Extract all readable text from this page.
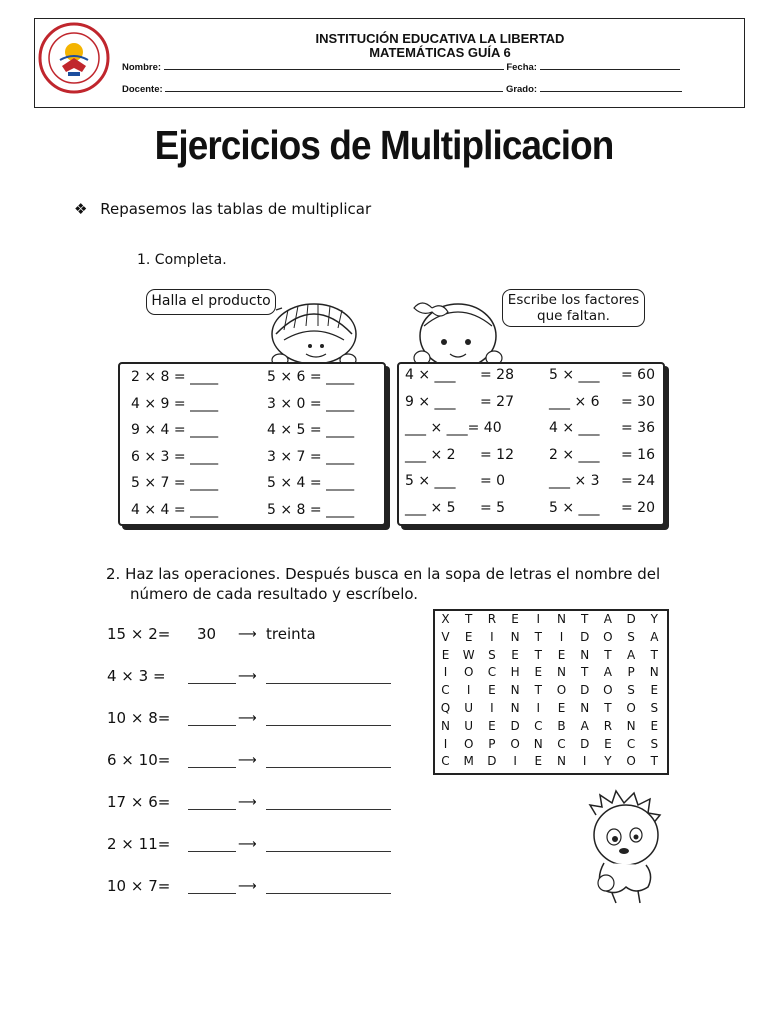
INSTITUCIÓN EDUCATIVA LA LIBERTAD
MATEMÁTICAS GUÍA 6
Nombre:	Fecha:
Docente:	Grado:
Ejercicios de Multiplicacion
❖ Repasemos las tablas de multiplicar
1. Completa.
Halla el producto	Escribe los factores que faltan.
2 × 8 = ____	5 × 6 = ____
4 × 9 = ____	3 × 0 = ____
9 × 4 = ____	4 × 5 = ____
6 × 3 = ____	3 × 7 = ____
5 × 7 = ____	5 × 4 = ____
4 × 4 = ____	5 × 8 = ____
4 × ___ = 28	5 × ___ = 60
9 × ___ = 27	___ × 6 = 30
___ × ___= 40	4 × ___ = 36
___ × 2 = 12	2 × ___ = 16
5 × ___ = 0	___ × 3 = 24
___ × 5 = 5	5 × ___ = 20
2. Haz las operaciones. Después busca en la sopa de letras el nombre del
número de cada resultado y escríbelo.
15 × 2= 30 ⟶ treinta
4 × 3 =	⟶
10 × 8=	⟶
6 × 10=	⟶
17 × 6=	⟶
2 × 11=	⟶
10 × 7=	⟶
X	T	R	E	I	N	T	A	D	Y
V	E	I	N	T	I	D	O	S	A
E	W	S	E	T	E	N	T	A	T
I	O	C	H	E	N	T	A	P	N
C	I	E	N	T	O	D	O	S	E
Q	U	I	N	I	E	N	T	O	S
N	U	E	D	C	B	A	R	N	E
I	O	P	O	N	C	D	E	C	S
C	M	D	I	E	N	I	Y	O	T
